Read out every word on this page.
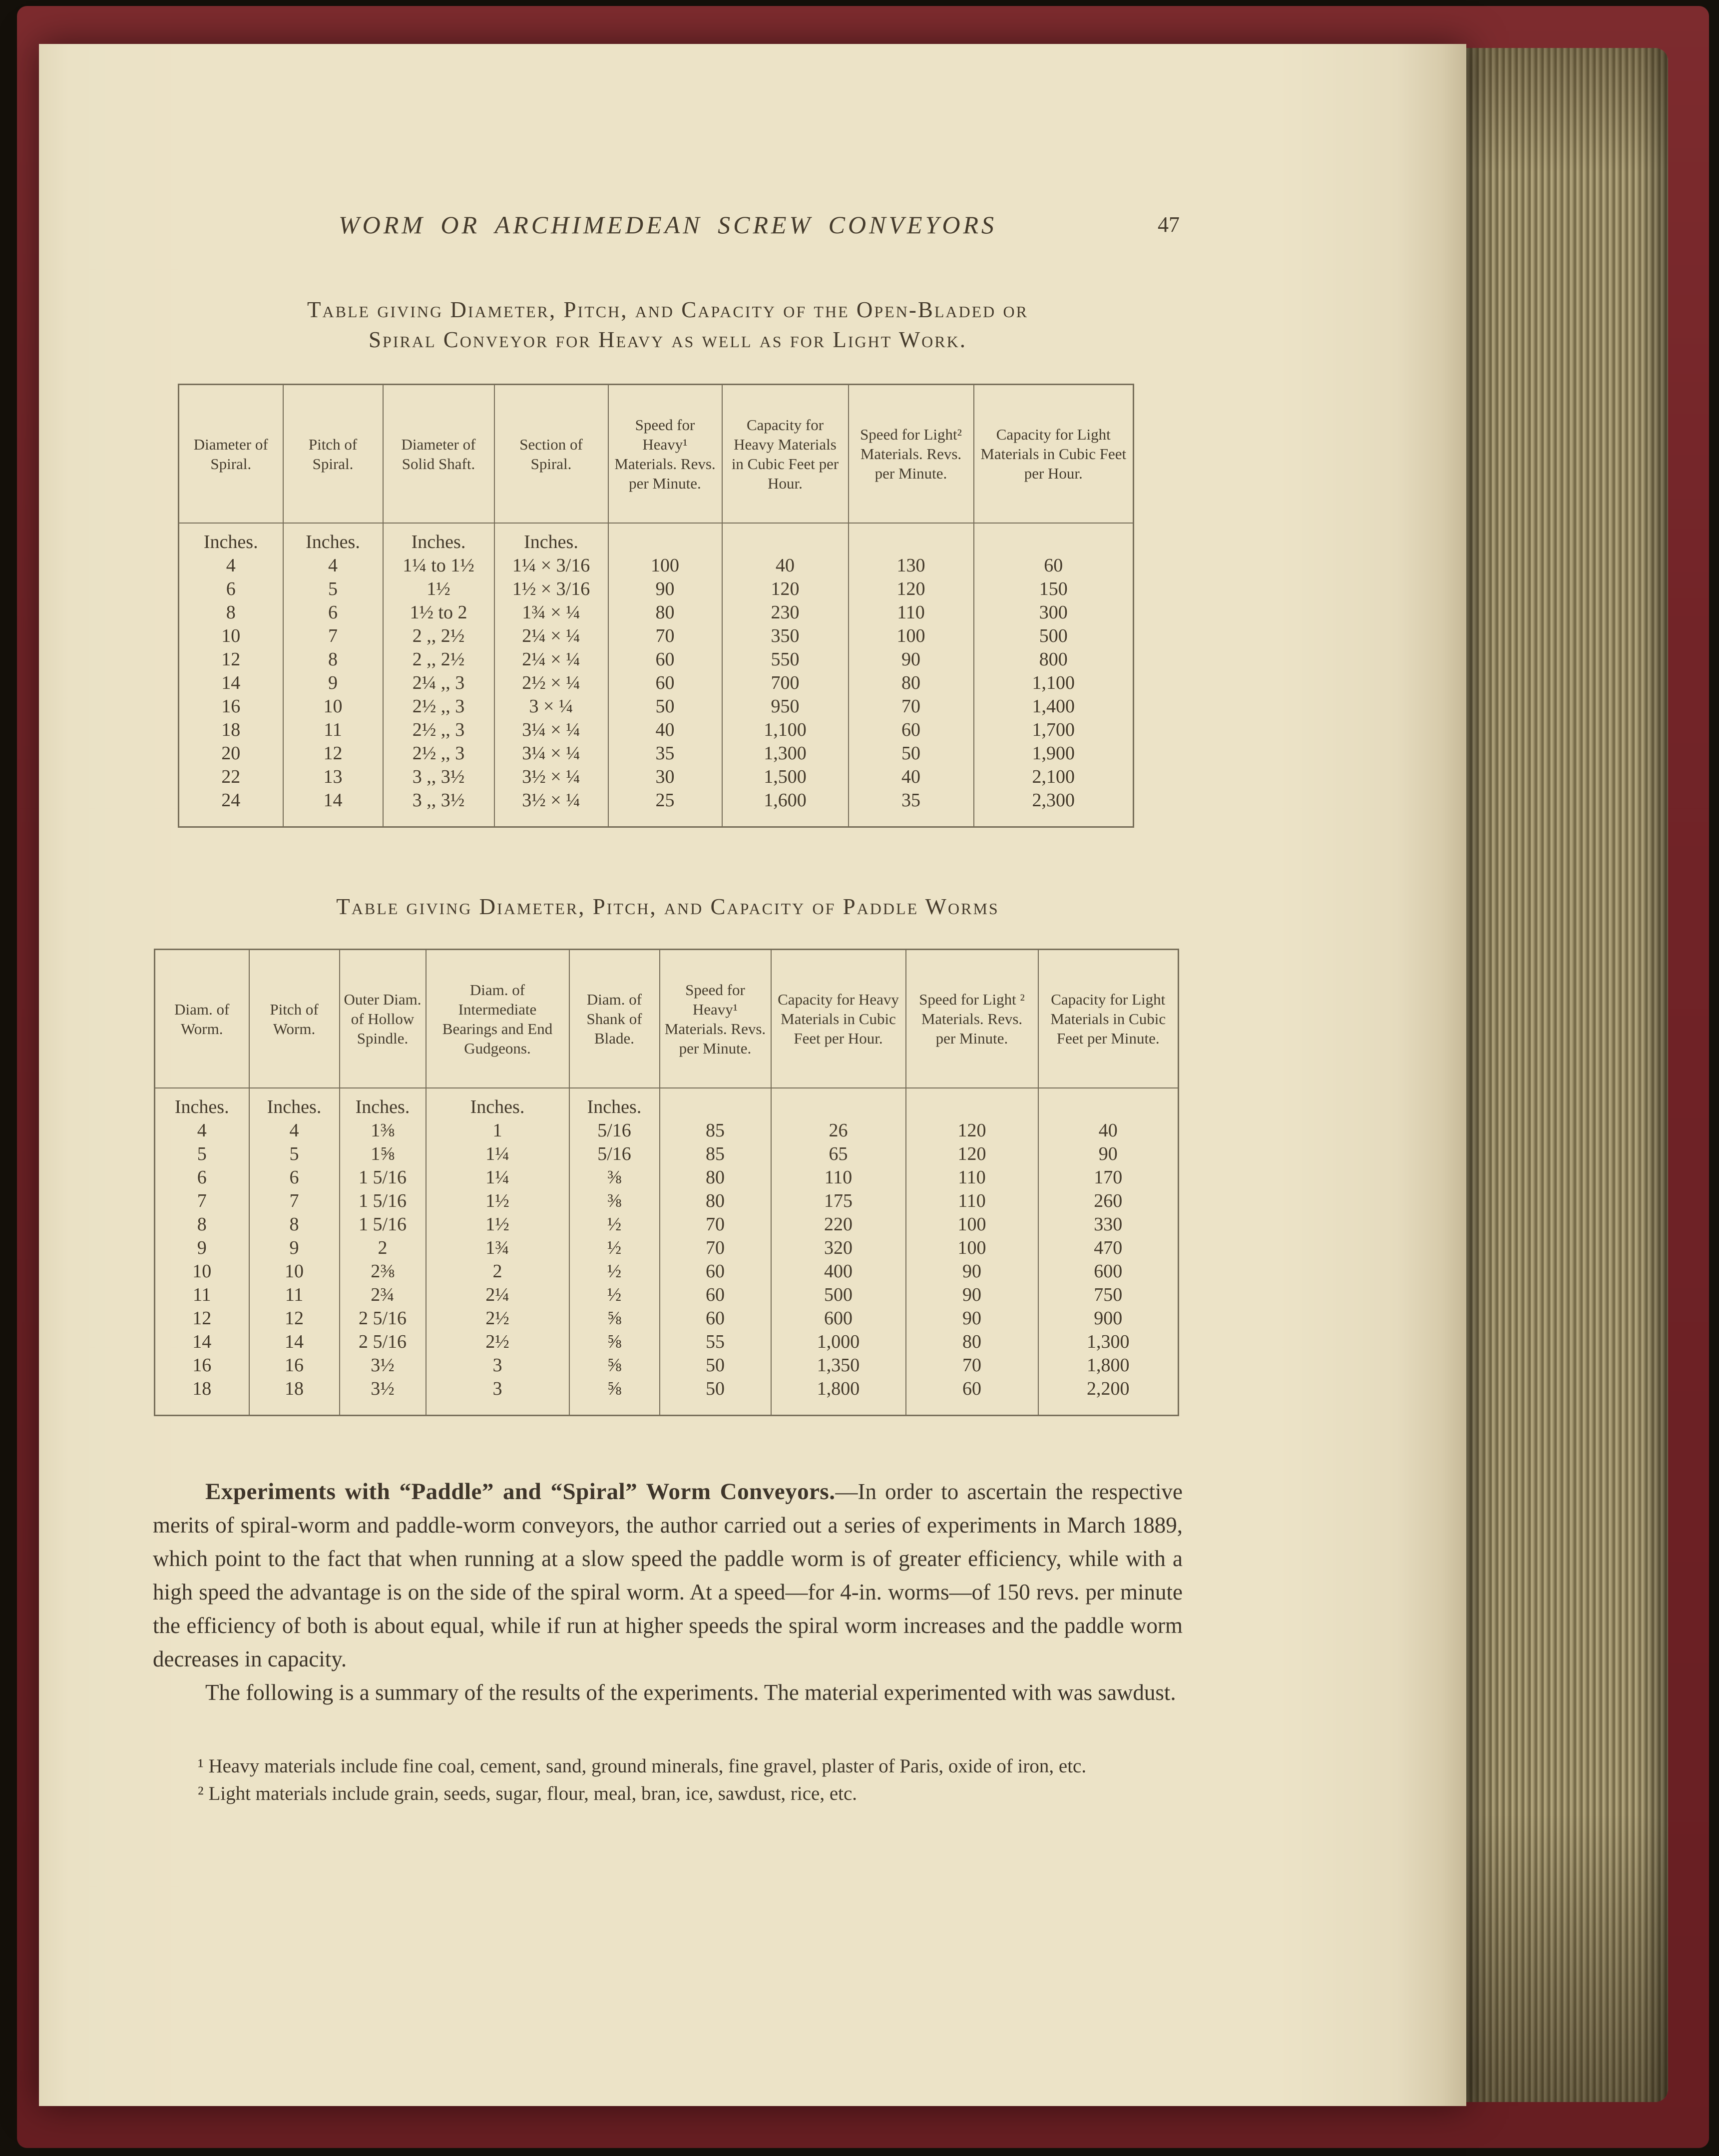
WORM OR ARCHIMEDEAN SCREW CONVEYORS	47
Table giving Diameter, Pitch, and Capacity of the Open-Bladed or
Spiral Conveyor for Heavy as well as for Light Work.
Diameter of Spiral.	Pitch of Spiral.	Diameter of Solid Shaft.	Section of Spiral.	Speed for Heavy¹ Materials. Revs. per Minute.	Capacity for Heavy Materials in Cubic Feet per Hour.	Speed for Light² Materials. Revs. per Minute.	Capacity for Light Materials in Cubic Feet per Hour.
Inches.	Inches.	Inches.	Inches.				
4	4	1¼ to 1½	1¼ × 3/16	100	40	130	60
6	5	1½	1½ × 3/16	90	120	120	150
8	6	1½ to 2	1¾ × ¼	80	230	110	300
10	7	2 ,, 2½	2¼ × ¼	70	350	100	500
12	8	2 ,, 2½	2¼ × ¼	60	550	90	800
14	9	2¼ ,, 3	2½ × ¼	60	700	80	1,100
16	10	2½ ,, 3	3 × ¼	50	950	70	1,400
18	11	2½ ,, 3	3¼ × ¼	40	1,100	60	1,700
20	12	2½ ,, 3	3¼ × ¼	35	1,300	50	1,900
22	13	3 ,, 3½	3½ × ¼	30	1,500	40	2,100
24	14	3 ,, 3½	3½ × ¼	25	1,600	35	2,300
Table giving Diameter, Pitch, and Capacity of Paddle Worms
Diam. of Worm.	Pitch of Worm.	Outer Diam. of Hollow Spindle.	Diam. of Intermediate Bearings and End Gudgeons.	Diam. of Shank of Blade.	Speed for Heavy¹ Materials. Revs. per Minute.	Capacity for Heavy Materials in Cubic Feet per Hour.	Speed for Light ² Materials. Revs. per Minute.	Capacity for Light Materials in Cubic Feet per Minute.
Inches.	Inches.	Inches.	Inches.	Inches.				
4	4	1⅜	1	5/16	85	26	120	40
5	5	1⅝	1¼	5/16	85	65	120	90
6	6	1 5/16	1¼	⅜	80	110	110	170
7	7	1 5/16	1½	⅜	80	175	110	260
8	8	1 5/16	1½	½	70	220	100	330
9	9	2	1¾	½	70	320	100	470
10	10	2⅜	2	½	60	400	90	600
11	11	2¾	2¼	½	60	500	90	750
12	12	2 5/16	2½	⅝	60	600	90	900
14	14	2 5/16	2½	⅝	55	1,000	80	1,300
16	16	3½	3	⅝	50	1,350	70	1,800
18	18	3½	3	⅝	50	1,800	60	2,200

Experiments with “Paddle” and “Spiral” Worm Conveyors.—In order to ascertain the respective merits of spiral-worm and paddle-worm conveyors, the author carried out a series of experiments in March 1889, which point to the fact that when running at a slow speed the paddle worm is of greater efficiency, while with a high speed the advantage is on the side of the spiral worm. At a speed—for 4-in. worms—of 150 revs. per minute the efficiency of both is about equal, while if run at higher speeds the spiral worm increases and the paddle worm decreases in capacity.

The following is a summary of the results of the experiments. The material experimented with was sawdust.

¹ Heavy materials include fine coal, cement, sand, ground minerals, fine gravel, plaster of Paris, oxide of iron, etc.

² Light materials include grain, seeds, sugar, flour, meal, bran, ice, sawdust, rice, etc.
